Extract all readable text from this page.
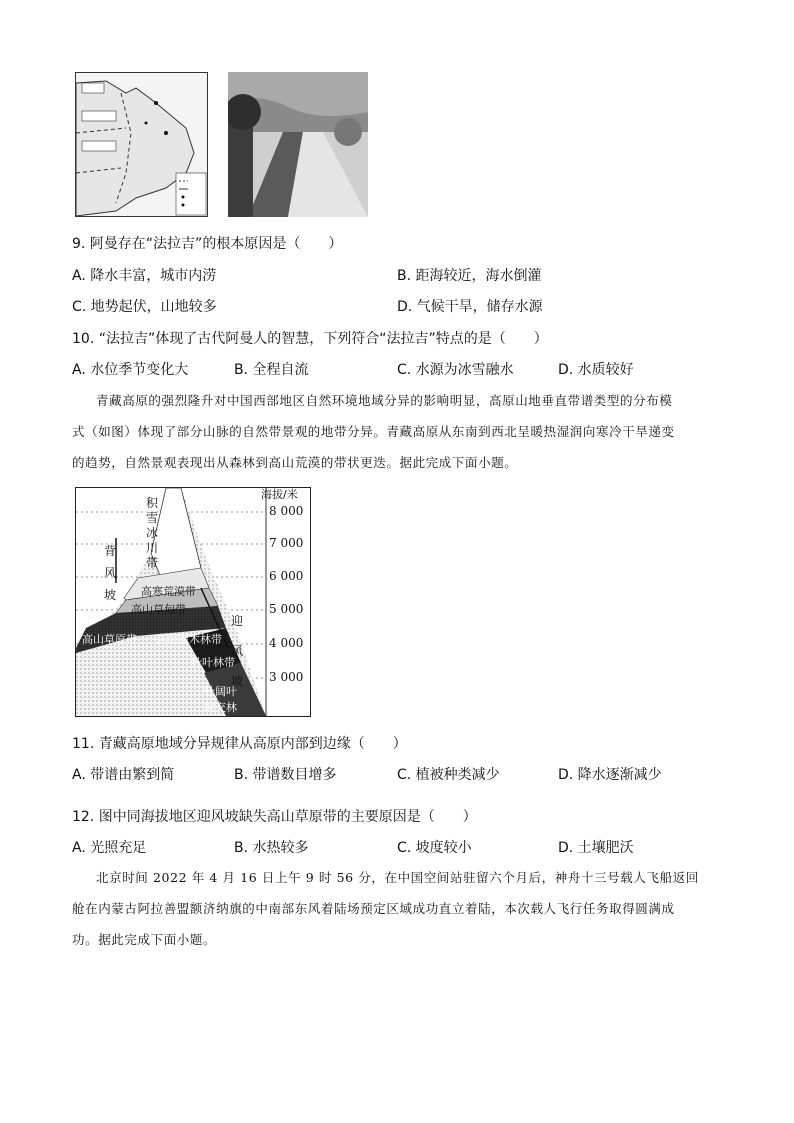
9. 阿曼存在“法拉吉”的根本原因是（　　）
A. 降水丰富，城市内涝	B. 距海较近，海水倒灌
C. 地势起伏，山地较多	D. 气候干旱，储存水源
10. “法拉吉”体现了古代阿曼人的智慧，下列符合“法拉吉”特点的是（　　）
A. 水位季节变化大	B. 全程自流	C. 水源为冰雪融水	D. 水质较好
青藏高原的强烈隆升对中国西部地区自然环境地域分异的影响明显，高原山地垂直带谱类型的分布模
式（如图）体现了部分山脉的自然带景观的地带分异。青藏高原从东南到西北呈暖热湿润向寒冷干旱递变
的趋势，自然景观表现出从森林到高山荒漠的带状更迭。据此完成下面小题。
海拔/米
积雪冰川带
背风坡
迎风坡
高寒荒漠带
高山草甸带
高山草原带 高山灌木林带
针叶林带
针阔叶混交林带
8 000
7 000
6 000
5 000
4 000
3 000
11. 青藏高原地域分异规律从高原内部到边缘（　　）
A. 带谱由繁到简	B. 带谱数目增多	C. 植被种类减少	D. 降水逐渐减少
12. 图中同海拔地区迎风坡缺失高山草原带的主要原因是（　　）
A. 光照充足	B. 水热较多	C. 坡度较小	D. 土壤肥沃
北京时间 2022 年 4 月 16 日上午 9 时 56 分，在中国空间站驻留六个月后，神舟十三号载人飞船返回
舱在内蒙古阿拉善盟额济纳旗的中南部东风着陆场预定区域成功直立着陆，本次载人飞行任务取得圆满成
功。据此完成下面小题。
